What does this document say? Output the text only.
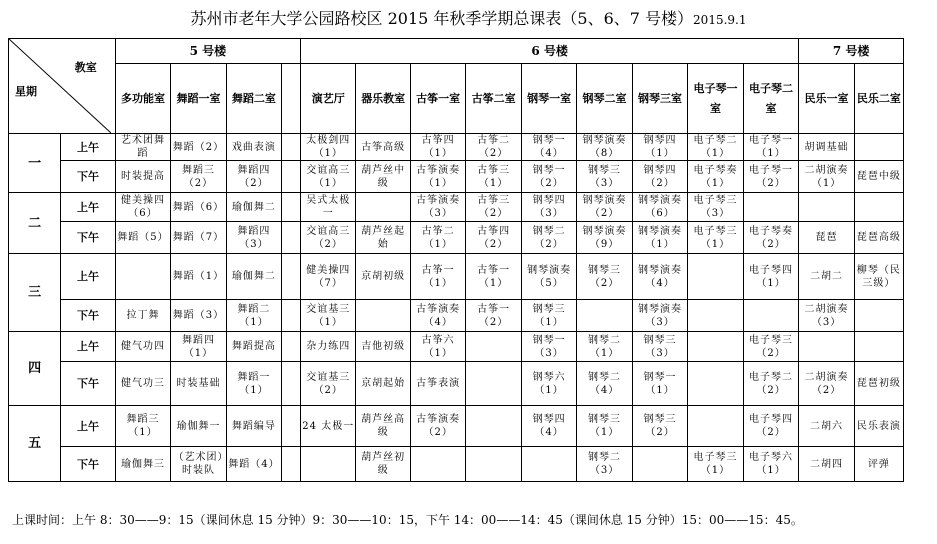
苏州市老年大学公园路校区 2015 年秋季学期总课表（5、6、7 号楼）2015.9.1
教室
星期		5 号楼				6 号楼									7 号楼	
		多功能室	舞蹈一室	舞蹈二室		演艺厅	器乐教室	古筝一室	古筝二室	钢琴一室	钢琴二室	钢琴三室	电子琴一室	电子琴二室	民乐一室	民乐二室
一	上午	艺术团舞蹈	舞蹈（2）	戏曲表演		太极剑四（1）	古筝高级	古筝四（1）	古筝二（2）	钢琴一（4）	钢琴演奏（8）	钢琴四（1）	电子琴二（1）	电子琴一（1）	胡调基础	
	下午	时装提高	舞蹈三（2）	舞蹈四（2）		交谊高三（1）	葫芦丝中级	古筝演奏（1）	古筝三（1）	钢琴一（2）	钢琴三（3）	钢琴四（2）	电子琴奏（1）	电子琴一（2）	二胡演奏（1）	琵琶中级
二	上午	健美操四（6）	舞蹈（6）	瑜伽舞二		吴式太极一		古筝演奏（3）	古筝三（2）	钢琴四（3）	钢琴演奏（2）	钢琴演奏（6）	电子琴三（3）			
	下午	舞蹈（5）	舞蹈（7）	舞蹈四（3）		交谊高三（2）	葫芦丝起始	古筝二（1）	古筝四（2）	钢琴二（2）	钢琴演奏（9）	钢琴演奏（1）	电子琴三（1）	电子琴奏（2）	琵琶	琵琶高级
三	上午		舞蹈（1）	瑜伽舞二		健美操四（7）	京胡初级	古筝一（1）	古筝一（1）	钢琴演奏（5）	钢琴三（2）	钢琴演奏（4）		电子琴四（1）	二胡二	柳琴（民三级）
	下午	拉丁舞	舞蹈（3）	舞蹈二（1）		交谊基三（1）		古筝演奏（4）	古筝一（2）	钢琴三（1）		钢琴演奏（3）			二胡演奏（3）	
四	上午	健气功四	舞蹈四（1）	舞蹈提高		杂力练四	吉他初级	古筝六（1）		钢琴一（3）	钢琴二（1）	钢琴三（3）		电子琴三（2）		
	下午	健气功三	时装基础	舞蹈一（1）		交谊基三（2）	京胡起始	古筝表演		钢琴六（1）	钢琴二（4）	钢琴一（1）		电子琴二（2）	二胡演奏（2）	琵琶初级
五	上午	舞蹈三（1）	瑜伽舞一	舞蹈编导		24 太极一	葫芦丝高级	古筝演奏（2）		钢琴四（4）	钢琴三（1）	钢琴三（2）		电子琴四（2）	二胡六	民乐表演
	下午	瑜伽舞三	（艺术团）时装队	舞蹈（4）			葫芦丝初级				钢琴二（3）		电子琴三（1）	电子琴六（1）	二胡四	评弹
上课时间：上午 8：30——9：15（课间休息 15 分钟）9：30——10：15，下午 14：00——14：45（课间休息 15 分钟）15：00——15：45。
